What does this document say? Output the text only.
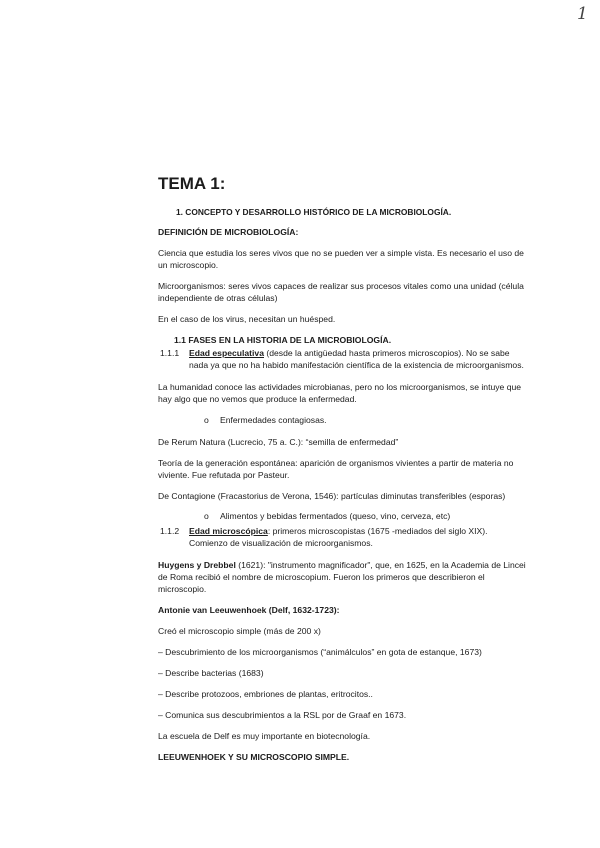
1
TEMA 1:
1. CONCEPTO Y DESARROLLO HISTÓRICO DE LA MICROBIOLOGÍA.
DEFINICIÓN DE MICROBIOLOGÍA:

Ciencia que estudia los seres vivos que no se pueden ver a simple vista. Es necesario el uso de un microscopio.

Microorganismos: seres vivos capaces de realizar sus procesos vitales como una unidad (célula independiente de otras células)

En el caso de los virus, necesitan un huésped.

1.1 FASES EN LA HISTORIA DE LA MICROBIOLOGÍA.
1.1.1	Edad especulativa (desde la antigüedad hasta primeros microscopios). No se sabe nada ya que no ha habido manifestación científica de la existencia de microorganismos.

La humanidad conoce las actividades microbianas, pero no los microorganismos, se intuye que hay algo que no vemos que produce la enfermedad.

o	Enfermedades contagiosas.

De Rerum Natura (Lucrecio, 75 a. C.): “semilla de enfermedad”

Teoría de la generación espontánea: aparición de organismos vivientes a partir de materia no viviente. Fue refutada por Pasteur.

De Contagione (Fracastorius de Verona, 1546): partículas diminutas transferibles (esporas)

o	Alimentos y bebidas fermentados (queso, vino, cerveza, etc)
1.1.2	Edad microscópica: primeros microscopistas (1675 -mediados del siglo XIX). Comienzo de visualización de microorganismos.

Huygens y Drebbel (1621): "instrumento magnificador", que, en 1625, en la Academia de Lincei de Roma recibió el nombre de microscopium. Fueron los primeros que describieron el microscopio.

Antonie van Leeuwenhoek (Delf, 1632-1723):

Creó el microscopio simple (más de 200 x)

– Descubrimiento de los microorganismos (“animálculos” en gota de estanque, 1673)

– Describe bacterias (1683)

– Describe protozoos, embriones de plantas, eritrocitos..

– Comunica sus descubrimientos a la RSL por de Graaf en 1673.

La escuela de Delf es muy importante en biotecnología.

LEEUWENHOEK Y SU MICROSCOPIO SIMPLE.
